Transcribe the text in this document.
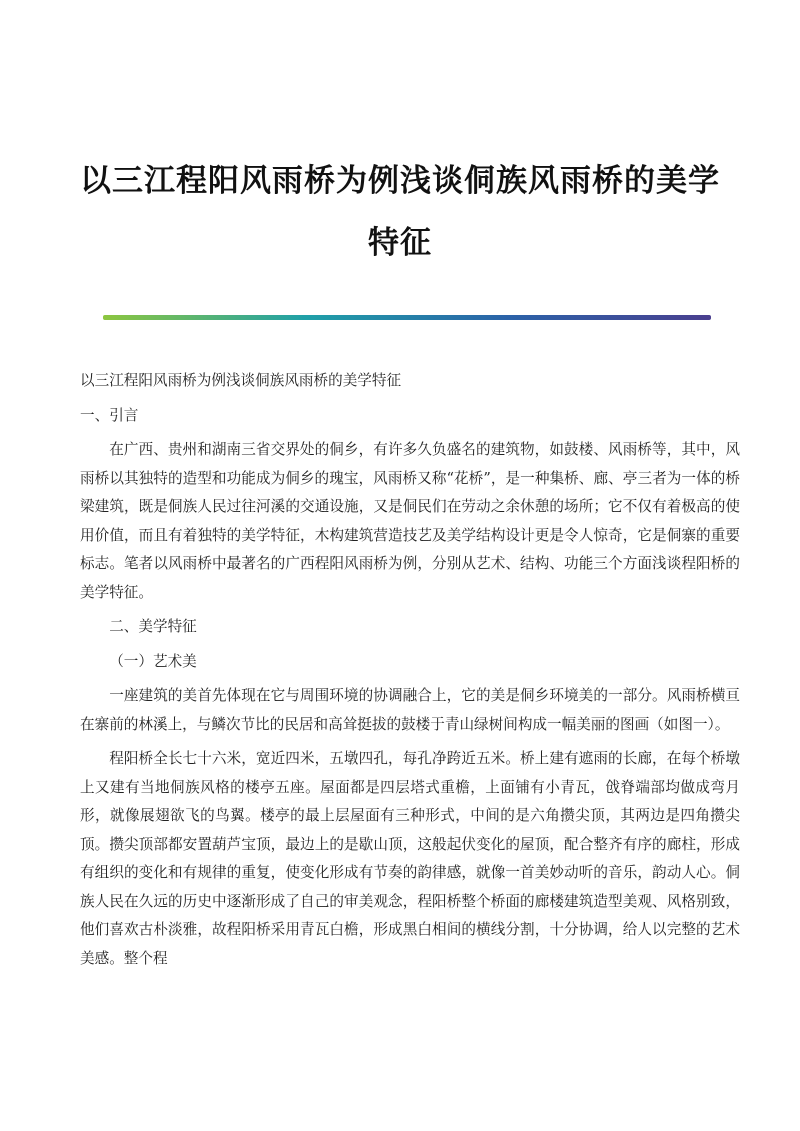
以三江程阳风雨桥为例浅谈侗族风雨桥的美学特征

以三江程阳风雨桥为例浅谈侗族风雨桥的美学特征

一、引言

在广西、贵州和湖南三省交界处的侗乡，有许多久负盛名的建筑物，如鼓楼、风雨桥等，其中，风雨桥以其独特的造型和功能成为侗乡的瑰宝，风雨桥又称“花桥”，是一种集桥、廊、亭三者为一体的桥梁建筑，既是侗族人民过往河溪的交通设施，又是侗民们在劳动之余休憩的场所；它不仅有着极高的使用价值，而且有着独特的美学特征，木构建筑营造技艺及美学结构设计更是令人惊奇，它是侗寨的重要标志。笔者以风雨桥中最著名的广西程阳风雨桥为例，分别从艺术、结构、功能三个方面浅谈程阳桥的美学特征。

二、美学特征

（一）艺术美

一座建筑的美首先体现在它与周围环境的协调融合上，它的美是侗乡环境美的一部分。风雨桥横亘在寨前的林溪上，与鳞次节比的民居和高耸挺拔的鼓楼于青山绿树间构成一幅美丽的图画（如图一）。

程阳桥全长七十六米，宽近四米，五墩四孔，每孔净跨近五米。桥上建有遮雨的长廊，在每个桥墩上又建有当地侗族风格的楼亭五座。屋面都是四层塔式重檐，上面铺有小青瓦，戗脊端部均做成弯月形，就像展翅欲飞的鸟翼。楼亭的最上层屋面有三种形式，中间的是六角攒尖顶，其两边是四角攒尖顶。攒尖顶部都安置葫芦宝顶，最边上的是歇山顶，这般起伏变化的屋顶，配合整齐有序的廊柱，形成有组织的变化和有规律的重复，使变化形成有节奏的韵律感，就像一首美妙动听的音乐，韵动人心。侗族人民在久远的历史中逐渐形成了自己的审美观念，程阳桥整个桥面的廊楼建筑造型美观、风格别致，他们喜欢古朴淡雅，故程阳桥采用青瓦白檐，形成黑白相间的横线分割，十分协调，给人以完整的艺术美感。整个程
